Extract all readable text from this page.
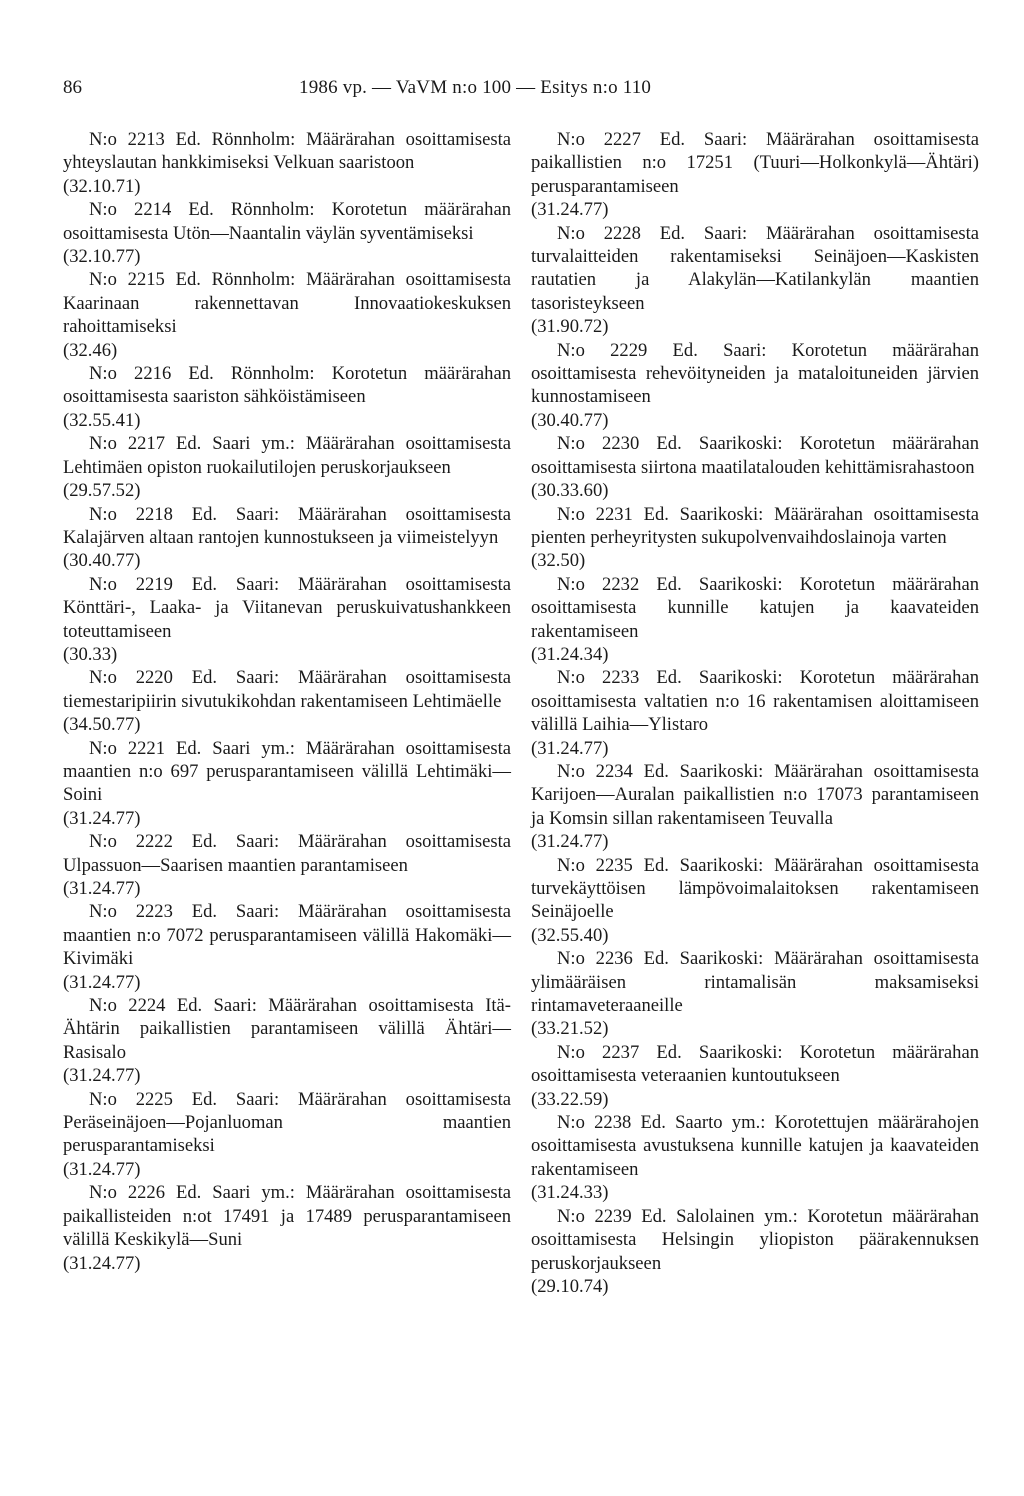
86	1986 vp. — VaVM n:o 100 — Esitys n:o 110

N:o 2213 Ed. Rönnholm: Määrärahan osoittamisesta yhteyslautan hankkimiseksi Velkuan saaristoon

(32.10.71)

N:o 2214 Ed. Rönnholm: Korotetun määrärahan osoittamisesta Utön—Naantalin väylän syventämiseksi

(32.10.77)

N:o 2215 Ed. Rönnholm: Määrärahan osoittamisesta Kaarinaan rakennettavan Innovaatiokeskuksen rahoittamiseksi

(32.46)

N:o 2216 Ed. Rönnholm: Korotetun määrärahan osoittamisesta saariston sähköistämiseen

(32.55.41)

N:o 2217 Ed. Saari ym.: Määrärahan osoittamisesta Lehtimäen opiston ruokailutilojen peruskorjaukseen

(29.57.52)

N:o 2218 Ed. Saari: Määrärahan osoittamisesta Kalajärven altaan rantojen kunnostukseen ja viimeistelyyn

(30.40.77)

N:o 2219 Ed. Saari: Määrärahan osoittamisesta Könttäri-, Laaka- ja Viitanevan peruskuivatushankkeen toteuttamiseen

(30.33)

N:o 2220 Ed. Saari: Määrärahan osoittamisesta tiemestaripiirin sivutukikohdan rakentamiseen Lehtimäelle

(34.50.77)

N:o 2221 Ed. Saari ym.: Määrärahan osoittamisesta maantien n:o 697 perusparantamiseen välillä Lehtimäki—Soini

(31.24.77)

N:o 2222 Ed. Saari: Määrärahan osoittamisesta Ulpassuon—Saarisen maantien parantamiseen

(31.24.77)

N:o 2223 Ed. Saari: Määrärahan osoittamisesta maantien n:o 7072 perusparantamiseen välillä Hakomäki—Kivimäki

(31.24.77)

N:o 2224 Ed. Saari: Määrärahan osoittamisesta Itä-Ähtärin paikallistien parantamiseen välillä Ähtäri—Rasisalo

(31.24.77)

N:o 2225 Ed. Saari: Määrärahan osoittamisesta Peräseinäjoen—Pojanluoman maantien perusparantamiseksi

(31.24.77)

N:o 2226 Ed. Saari ym.: Määrärahan osoittamisesta paikallisteiden n:ot 17491 ja 17489 perusparantamiseen välillä Keskikylä—Suni

(31.24.77)

N:o 2227 Ed. Saari: Määrärahan osoittamisesta paikallistien n:o 17251 (Tuuri—Holkonkylä—Ähtäri) perusparantamiseen

(31.24.77)

N:o 2228 Ed. Saari: Määrärahan osoittamisesta turvalaitteiden rakentamiseksi Seinäjoen—Kaskisten rautatien ja Alakylän—Katilankylän maantien tasoristeykseen

(31.90.72)

N:o 2229 Ed. Saari: Korotetun määrärahan osoittamisesta rehevöityneiden ja mataloituneiden järvien kunnostamiseen

(30.40.77)

N:o 2230 Ed. Saarikoski: Korotetun määrärahan osoittamisesta siirtona maatilatalouden kehittämisrahastoon

(30.33.60)

N:o 2231 Ed. Saarikoski: Määrärahan osoittamisesta pienten perheyritysten sukupolvenvaihdoslainoja varten

(32.50)

N:o 2232 Ed. Saarikoski: Korotetun määrärahan osoittamisesta kunnille katujen ja kaavateiden rakentamiseen

(31.24.34)

N:o 2233 Ed. Saarikoski: Korotetun määrärahan osoittamisesta valtatien n:o 16 rakentamisen aloittamiseen välillä Laihia—Ylistaro

(31.24.77)

N:o 2234 Ed. Saarikoski: Määrärahan osoittamisesta Karijoen—Auralan paikallistien n:o 17073 parantamiseen ja Komsin sillan rakentamiseen Teuvalla

(31.24.77)

N:o 2235 Ed. Saarikoski: Määrärahan osoittamisesta turvekäyttöisen lämpövoimalaitoksen rakentamiseen Seinäjoelle

(32.55.40)

N:o 2236 Ed. Saarikoski: Määrärahan osoittamisesta ylimääräisen rintamalisän maksamiseksi rintamaveteraaneille

(33.21.52)

N:o 2237 Ed. Saarikoski: Korotetun määrärahan osoittamisesta veteraanien kuntoutukseen

(33.22.59)

N:o 2238 Ed. Saarto ym.: Korotettujen määrärahojen osoittamisesta avustuksena kunnille katujen ja kaavateiden rakentamiseen

(31.24.33)

N:o 2239 Ed. Salolainen ym.: Korotetun määrärahan osoittamisesta Helsingin yliopiston päärakennuksen peruskorjaukseen

(29.10.74)
